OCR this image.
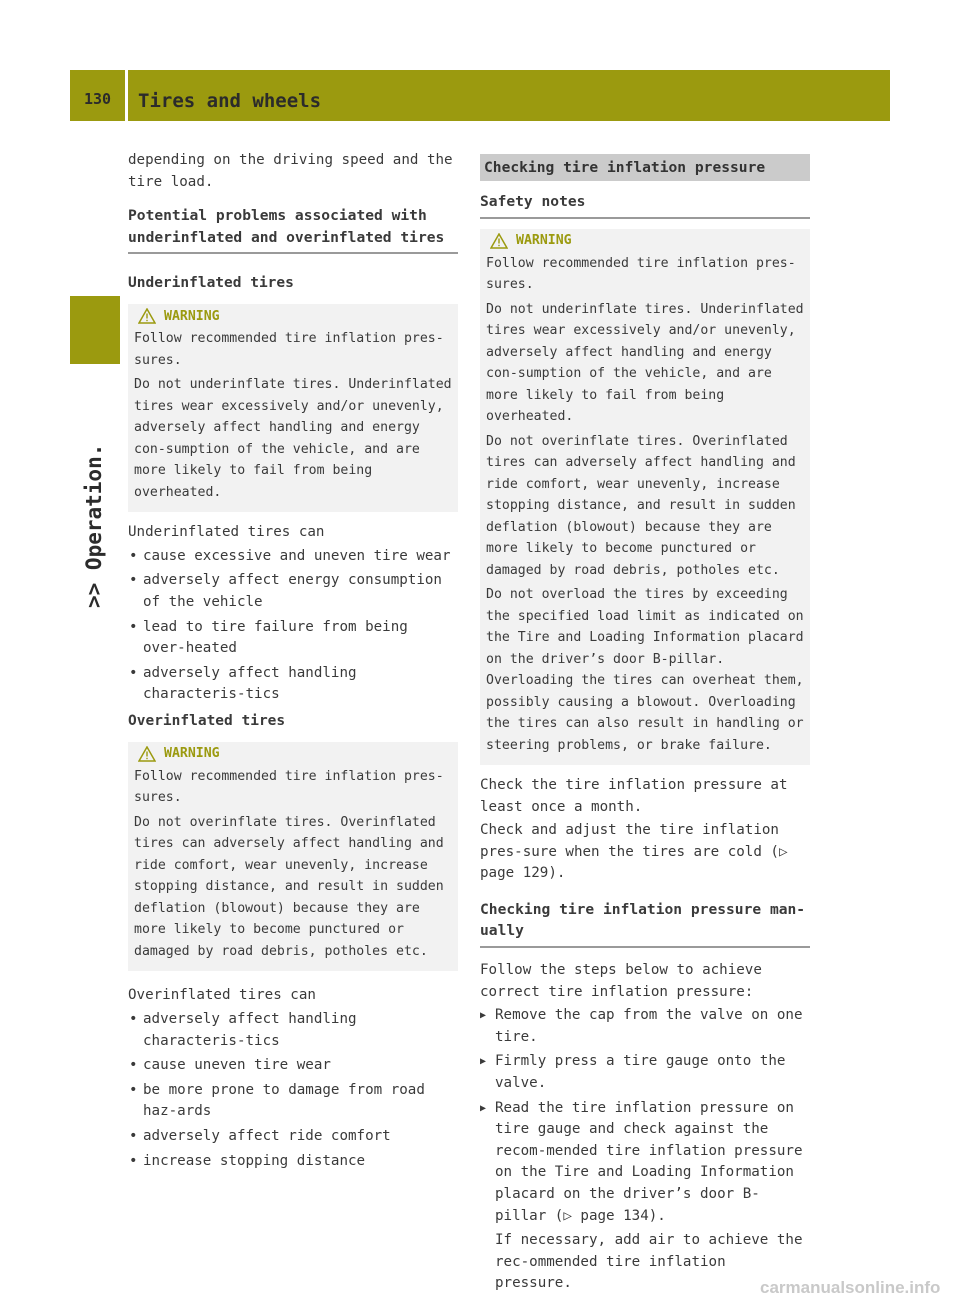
130	Tires and wheels
>> Operation.

depending on the driving speed and the tire load.

Potential problems associated with underinflated and overinflated tires

Underinflated tires

WARNING

Follow recommended tire inflation pres-sures.

Do not underinflate tires. Underinflated tires wear excessively and/or unevenly, adversely affect handling and energy con-sumption of the vehicle, and are more likely to fail from being overheated.

Underinflated tires can

• cause excessive and uneven tire wear
• adversely affect energy consumption of the vehicle
• lead to tire failure from being over-heated
• adversely affect handling characteris-tics

Overinflated tires

WARNING

Follow recommended tire inflation pres-sures.

Do not overinflate tires. Overinflated tires can adversely affect handling and ride comfort, wear unevenly, increase stopping distance, and result in sudden deflation (blowout) because they are more likely to become punctured or damaged by road debris, potholes etc.

Overinflated tires can

• adversely affect handling characteris-tics
• cause uneven tire wear
• be more prone to damage from road haz-ards
• adversely affect ride comfort
• increase stopping distance
Checking tire inflation pressure
Safety notes
WARNING

Follow recommended tire inflation pres-sures.

Do not underinflate tires. Underinflated tires wear excessively and/or unevenly, adversely affect handling and energy con-sumption of the vehicle, and are more likely to fail from being overheated.

Do not overinflate tires. Overinflated tires can adversely affect handling and ride comfort, wear unevenly, increase stopping distance, and result in sudden deflation (blowout) because they are more likely to become punctured or damaged by road debris, potholes etc.

Do not overload the tires by exceeding the specified load limit as indicated on the Tire and Loading Information placard on the driver’s door B-pillar. Overloading the tires can overheat them, possibly causing a blowout. Overloading the tires can also result in handling or steering problems, or brake failure.

Check the tire inflation pressure at least once a month.

Check and adjust the tire inflation pres-sure when the tires are cold (▷ page 129).

Checking tire inflation pressure man-ually

Follow the steps below to achieve correct tire inflation pressure:

▶ Remove the cap from the valve on one tire.
▶ Firmly press a tire gauge onto the valve.
▶ Read the tire inflation pressure on tire gauge and check against the recom-mended tire inflation pressure on the Tire and Loading Information placard on the driver’s door B-pillar (▷ page 134).
If necessary, add air to achieve the rec-ommended tire inflation pressure.	carmanualsonline.info
